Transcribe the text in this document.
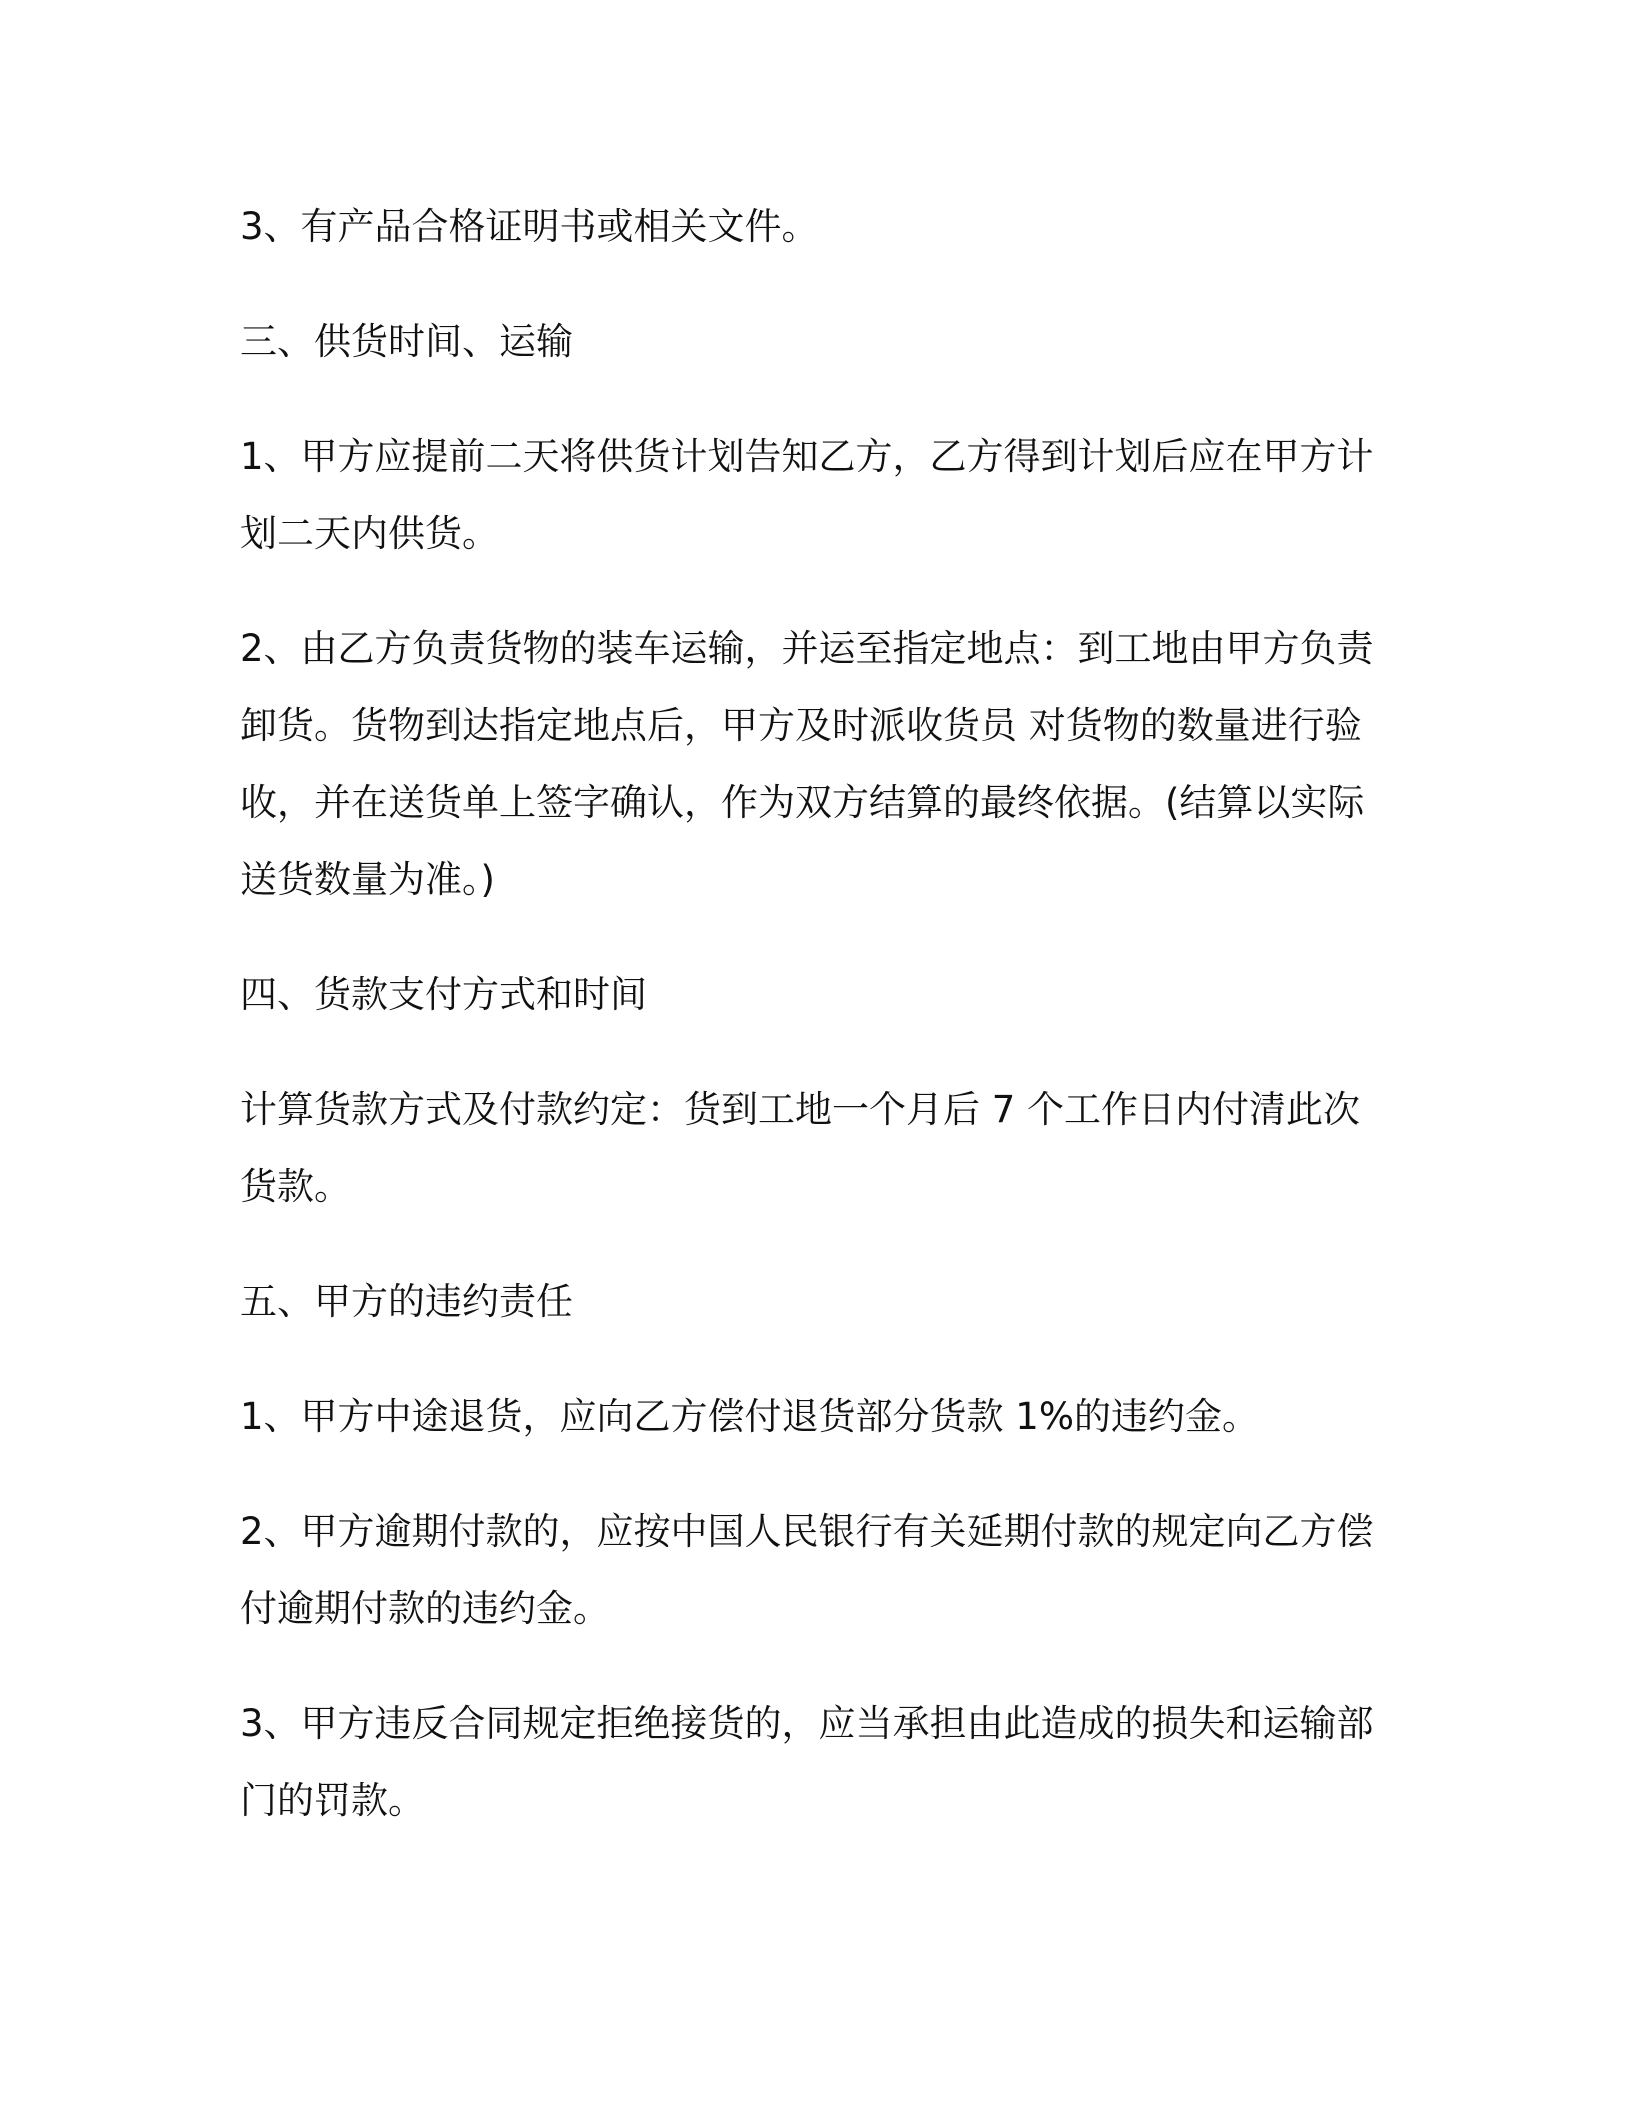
3、有产品合格证明书或相关文件。

三、供货时间、运输

1、甲方应提前二天将供货计划告知乙方，乙方得到计划后应在甲方计划二天内供货。

2、由乙方负责货物的装车运输，并运至指定地点：到工地由甲方负责卸货。货物到达指定地点后，甲方及时派收货员 对货物的数量进行验收，并在送货单上签字确认，作为双方结算的最终依据。(结算以实际送货数量为准。)

四、货款支付方式和时间

计算货款方式及付款约定：货到工地一个月后 7 个工作日内付清此次货款。

五、甲方的违约责任

1、甲方中途退货，应向乙方偿付退货部分货款 1%的违约金。

2、甲方逾期付款的，应按中国人民银行有关延期付款的规定向乙方偿付逾期付款的违约金。

3、甲方违反合同规定拒绝接货的，应当承担由此造成的损失和运输部门的罚款。
